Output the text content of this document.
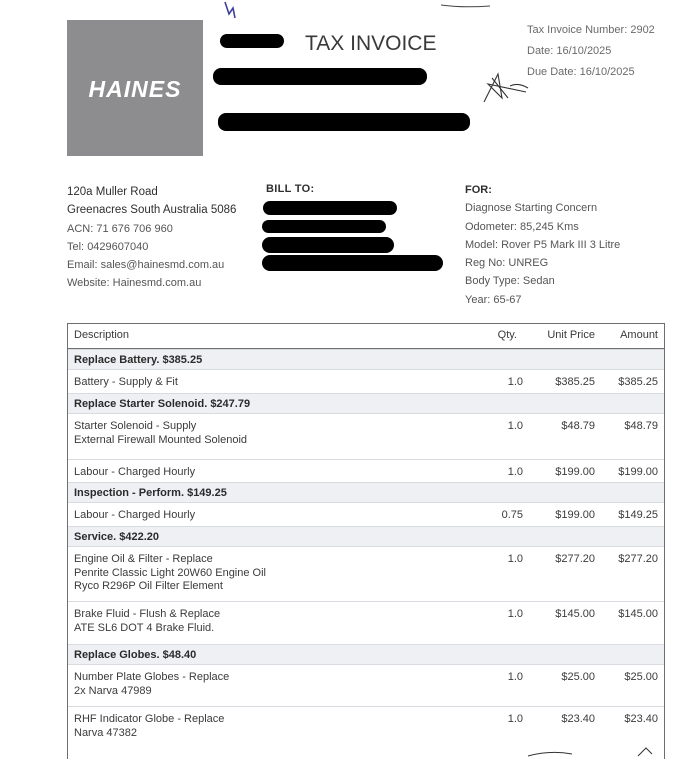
HAINES
TAX INVOICE
Tax Invoice Number: 2902
Date: 16/10/2025
Due Date: 16/10/2025
120a Muller Road
Greenacres South Australia 5086
ACN: 71 676 706 960
Tel: 0429607040
Email: sales@hainesmd.com.au
Website: Hainesmd.com.au
BILL TO:	FOR:
Diagnose Starting Concern
Odometer: 85,245 Kms
Model: Rover P5 Mark III 3 Litre
Reg No: UNREG
Body Type: Sedan
Year: 65-67
Description	Qty.	Unit Price	Amount
Replace Battery. $385.25
Battery - Supply & Fit	1.0	$385.25	$385.25
Replace Starter Solenoid. $247.79
Starter Solenoid - Supply
External Firewall Mounted Solenoid
1.0	$48.79	$48.79
Labour - Charged Hourly	1.0	$199.00	$199.00
Inspection - Perform. $149.25
Labour - Charged Hourly	0.75	$199.00	$149.25
Service. $422.20
Engine Oil & Filter - Replace
Penrite Classic Light 20W60 Engine Oil
Ryco R296P Oil Filter Element
1.0	$277.20	$277.20
Brake Fluid - Flush & Replace
ATE SL6 DOT 4 Brake Fluid.
1.0	$145.00	$145.00
Replace Globes. $48.40
Number Plate Globes - Replace
2x Narva 47989
1.0	$25.00	$25.00
RHF Indicator Globe - Replace
Narva 47382
1.0	$23.40	$23.40
